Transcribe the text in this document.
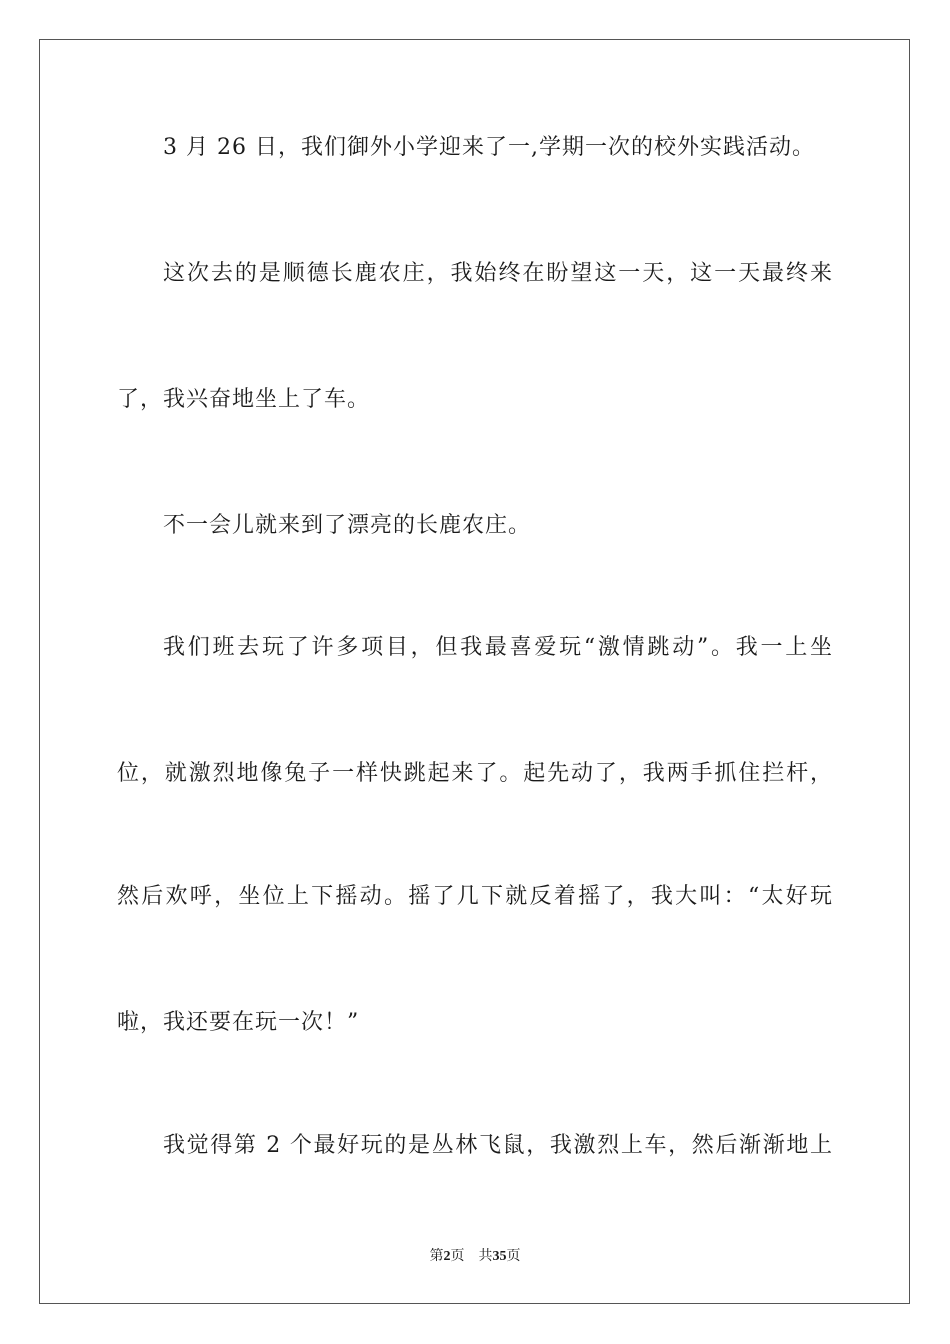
3 月 26 日，我们御外小学迎来了一,学期一次的校外实践活动。
这次去的是顺德长鹿农庄，我始终在盼望这一天，这一天最终来
了，我兴奋地坐上了车。
不一会儿就来到了漂亮的长鹿农庄。
我们班去玩了许多项目，但我最喜爱玩“激情跳动”。我一上坐
位，就激烈地像兔子一样快跳起来了。起先动了，我两手抓住拦杆，
然后欢呼，坐位上下摇动。摇了几下就反着摇了，我大叫：“太好玩
啦，我还要在玩一次！”
我觉得第 2 个最好玩的是丛林飞鼠，我激烈上车，然后渐渐地上
第2页 共35页
